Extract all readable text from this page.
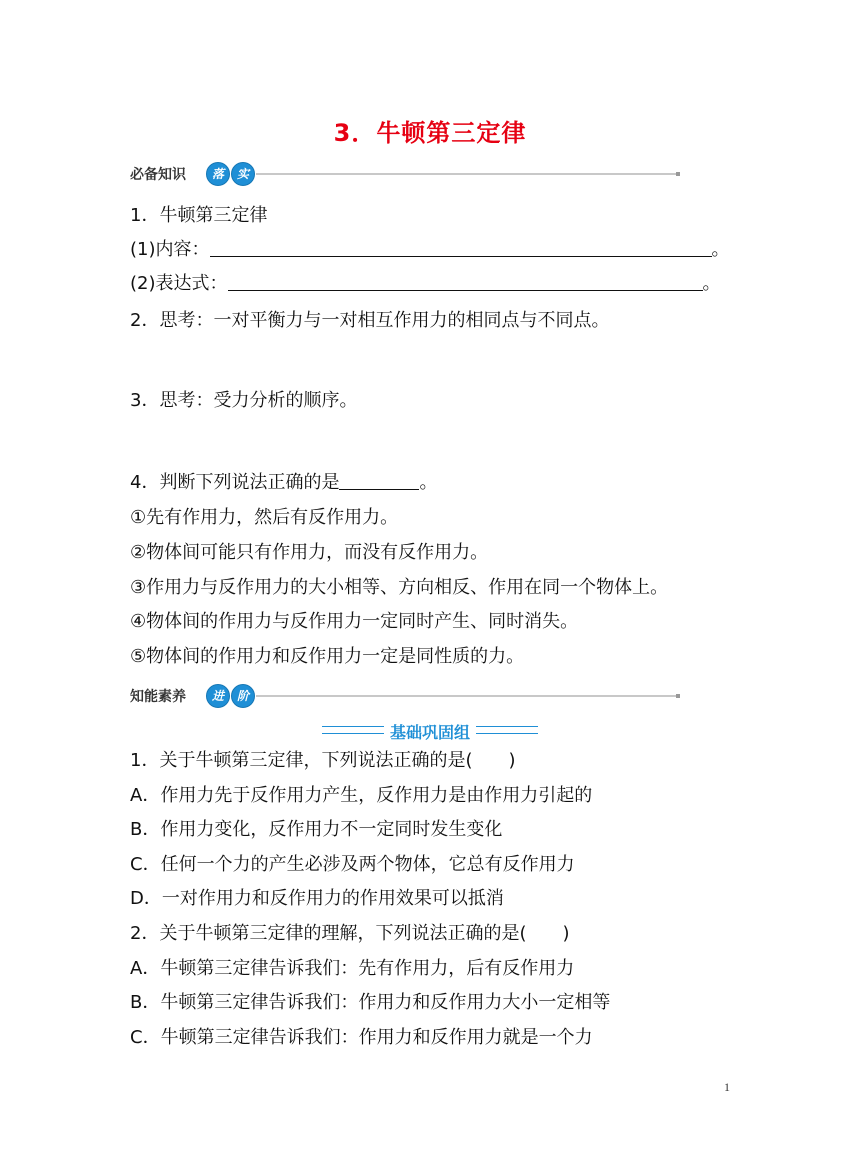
3．牛顿第三定律
必备知识	落	实
1．牛顿第三定律
(1)内容：	。
(2)表达式：	。
2．思考：一对平衡力与一对相互作用力的相同点与不同点。
3．思考：受力分析的顺序。
4．判断下列说法正确的是	。
①先有作用力，然后有反作用力。
②物体间可能只有作用力，而没有反作用力。
③作用力与反作用力的大小相等、方向相反、作用在同一个物体上。
④物体间的作用力与反作用力一定同时产生、同时消失。
⑤物体间的作用力和反作用力一定是同性质的力。
知能素养	进	阶
基础巩固组
1．关于牛顿第三定律，下列说法正确的是(　　)
A．作用力先于反作用力产生，反作用力是由作用力引起的
B．作用力变化，反作用力不一定同时发生变化
C．任何一个力的产生必涉及两个物体，它总有反作用力
D．一对作用力和反作用力的作用效果可以抵消
2．关于牛顿第三定律的理解，下列说法正确的是(　　)
A．牛顿第三定律告诉我们：先有作用力，后有反作用力
B．牛顿第三定律告诉我们：作用力和反作用力大小一定相等
C．牛顿第三定律告诉我们：作用力和反作用力就是一个力
1
